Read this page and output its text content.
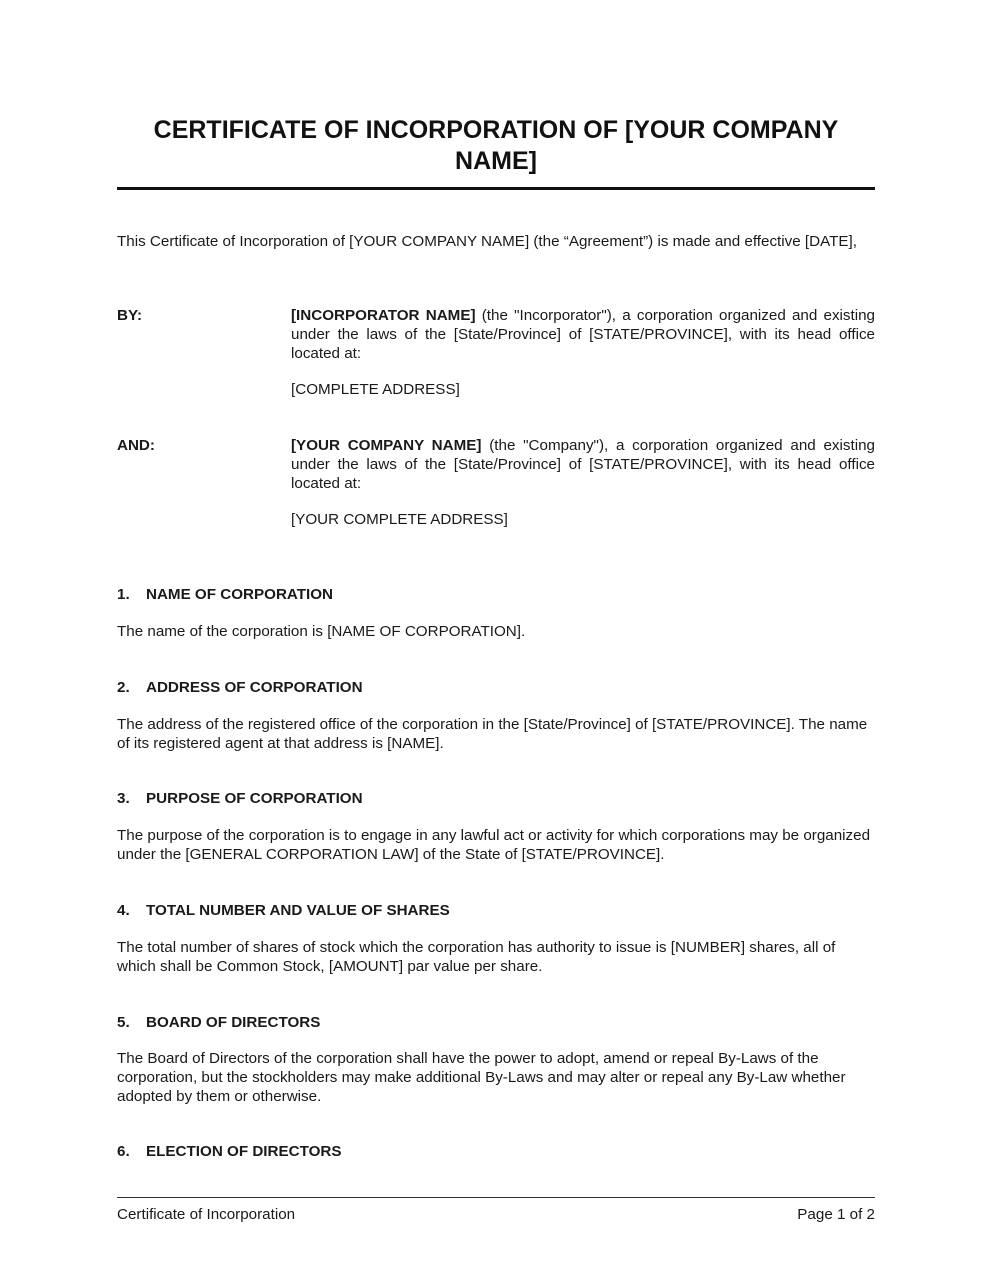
CERTIFICATE OF INCORPORATION OF [YOUR COMPANY NAME]

This Certificate of Incorporation of [YOUR COMPANY NAME] (the “Agreement”) is made and effective [DATE],

BY:	[INCORPORATOR NAME] (the "Incorporator"), a corporation organized and existing under the laws of the [State/Province] of [STATE/PROVINCE], with its head office located at:

[COMPLETE ADDRESS]

AND:	[YOUR COMPANY NAME] (the "Company"), a corporation organized and existing under the laws of the [State/Province] of [STATE/PROVINCE], with its head office located at:

[YOUR COMPLETE ADDRESS]

1. NAME OF CORPORATION

The name of the corporation is [NAME OF CORPORATION].

2. ADDRESS OF CORPORATION

The address of the registered office of the corporation in the [State/Province] of [STATE/PROVINCE]. The name of its registered agent at that address is [NAME].

3. PURPOSE OF CORPORATION

The purpose of the corporation is to engage in any lawful act or activity for which corporations may be organized under the [GENERAL CORPORATION LAW] of the State of [STATE/PROVINCE].

4. TOTAL NUMBER AND VALUE OF SHARES

The total number of shares of stock which the corporation has authority to issue is [NUMBER] shares, all of which shall be Common Stock, [AMOUNT] par value per share.

5. BOARD OF DIRECTORS

The Board of Directors of the corporation shall have the power to adopt, amend or repeal By-Laws of the corporation, but the stockholders may make additional By-Laws and may alter or repeal any By-Law whether adopted by them or otherwise.

6. ELECTION OF DIRECTORS

Certificate of Incorporation	Page 1 of 2
